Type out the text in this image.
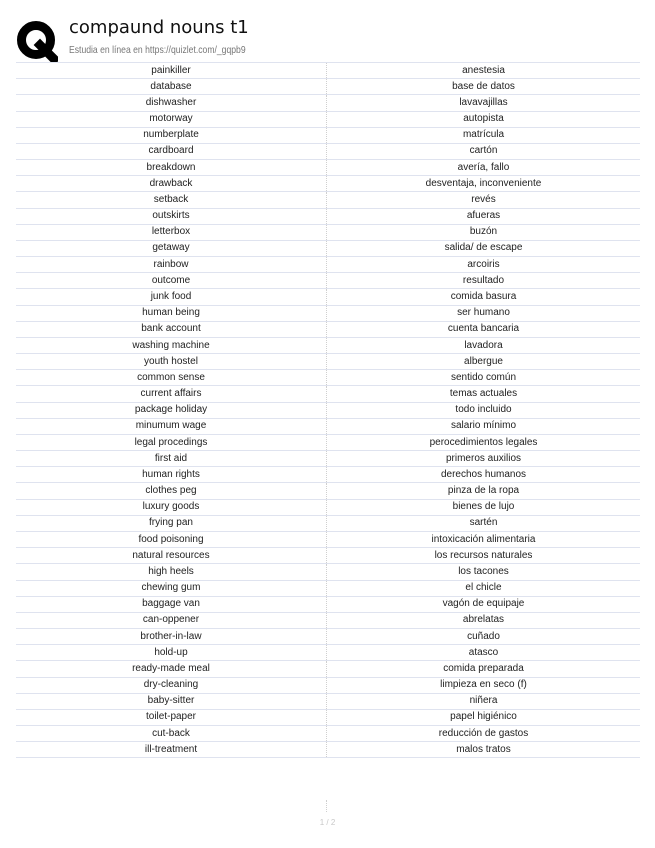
compaund nouns t1
Estudia en línea en https://quizlet.com/_gqpb9
painkiller	anestesia
database	base de datos
dishwasher	lavavajillas
motorway	autopista
numberplate	matrícula
cardboard	cartón
breakdown	avería, fallo
drawback	desventaja, inconveniente
setback	revés
outskirts	afueras
letterbox	buzón
getaway	salida/ de escape
rainbow	arcoiris
outcome	resultado
junk food	comida basura
human being	ser humano
bank account	cuenta bancaria
washing machine	lavadora
youth hostel	albergue
common sense	sentido común
current affairs	temas actuales
package holiday	todo incluido
minumum wage	salario mínimo
legal procedings	perocedimientos legales
first aid	primeros auxilios
human rights	derechos humanos
clothes peg	pinza de la ropa
luxury goods	bienes de lujo
frying pan	sartén
food poisoning	intoxicación alimentaria
natural resources	los recursos naturales
high heels	los tacones
chewing gum	el chicle
baggage van	vagón de equipaje
can-oppener	abrelatas
brother-in-law	cuñado
hold-up	atasco
ready-made meal	comida preparada
dry-cleaning	limpieza en seco (f)
baby-sitter	niñera
toilet-paper	papel higiénico
cut-back	reducción de gastos
ill-treatment	malos tratos
1 / 2
